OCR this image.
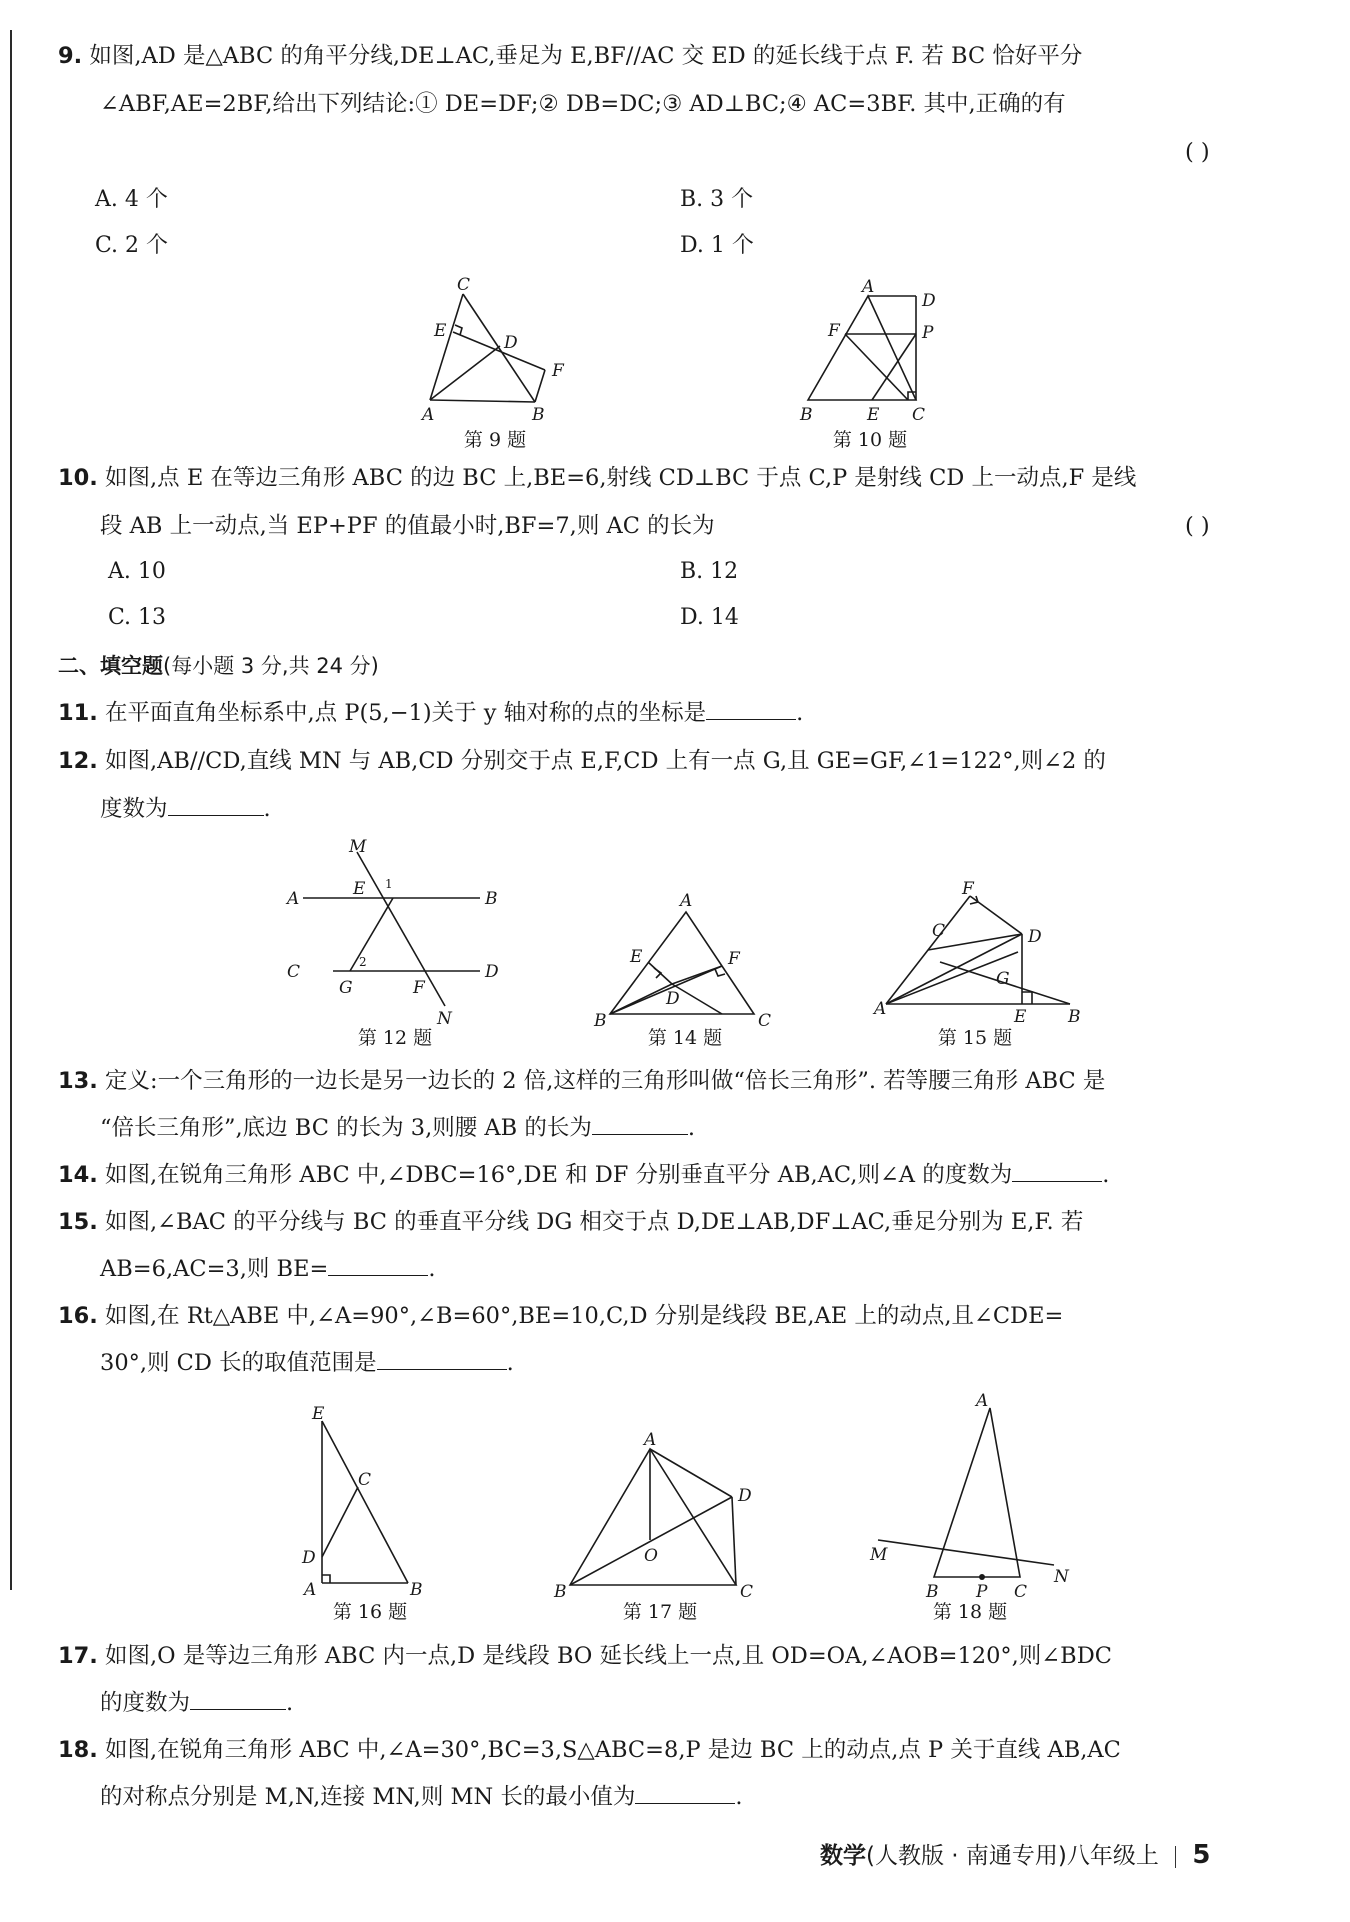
9. 如图,AD 是△ABC 的角平分线,DE⊥AC,垂足为 E,BF//AC 交 ED 的延长线于点 F. 若 BC 恰好平分
∠ABF,AE=2BF,给出下列结论:① DE=DF;② DB=DC;③ AD⊥BC;④ AC=3BF. 其中,正确的有
( )
A. 4 个	B. 3 个
C. 2 个	D. 1 个
C
E
D
F
A	B
第 9 题
A
D
F	P
B	E C
第 10 题
10. 如图,点 E 在等边三角形 ABC 的边 BC 上,BE=6,射线 CD⊥BC 于点 C,P 是射线 CD 上一动点,F 是线
段 AB 上一动点,当 EP+PF 的值最小时,BF=7,则 AC 的长为	( )
A. 10	B. 12
C. 13	D. 14
二、填空题(每小题 3 分,共 24 分)
11. 在平面直角坐标系中,点 P(5,−1)关于 y 轴对称的点的坐标是	.
12. 如图,AB//CD,直线 MN 与 AB,CD 分别交于点 E,F,CD 上有一点 G,且 GE=GF,∠1=122°,则∠2 的
度数为	.
M
E 1
A	B
C	2
G	F
D
N
第 12 题
A
E	F
D
B	C
第 14 题
F
C	D
G
A	E B
第 15 题
13. 定义:一个三角形的一边长是另一边长的 2 倍,这样的三角形叫做“倍长三角形”. 若等腰三角形 ABC 是
“倍长三角形”,底边 BC 的长为 3,则腰 AB 的长为	.
14. 如图,在锐角三角形 ABC 中,∠DBC=16°,DE 和 DF 分别垂直平分 AB,AC,则∠A 的度数为	.
15. 如图,∠BAC 的平分线与 BC 的垂直平分线 DG 相交于点 D,DE⊥AB,DF⊥AC,垂足分别为 E,F. 若
AB=6,AC=3,则 BE=	.
16. 如图,在 Rt△ABE 中,∠A=90°,∠B=60°,BE=10,C,D 分别是线段 BE,AE 上的动点,且∠CDE=
30°,则 CD 长的取值范围是	.
E
C
D
A	B
第 16 题
A
D
O
B	C
第 17 题
A
M
N
B P C
第 18 题
17. 如图,O 是等边三角形 ABC 内一点,D 是线段 BO 延长线上一点,且 OD=OA,∠AOB=120°,则∠BDC
的度数为	.
18. 如图,在锐角三角形 ABC 中,∠A=30°,BC=3,S△ABC=8,P 是边 BC 上的动点,点 P 关于直线 AB,AC
的对称点分别是 M,N,连接 MN,则 MN 长的最小值为	.
数学(人教版 · 南通专用)八年级上 5
